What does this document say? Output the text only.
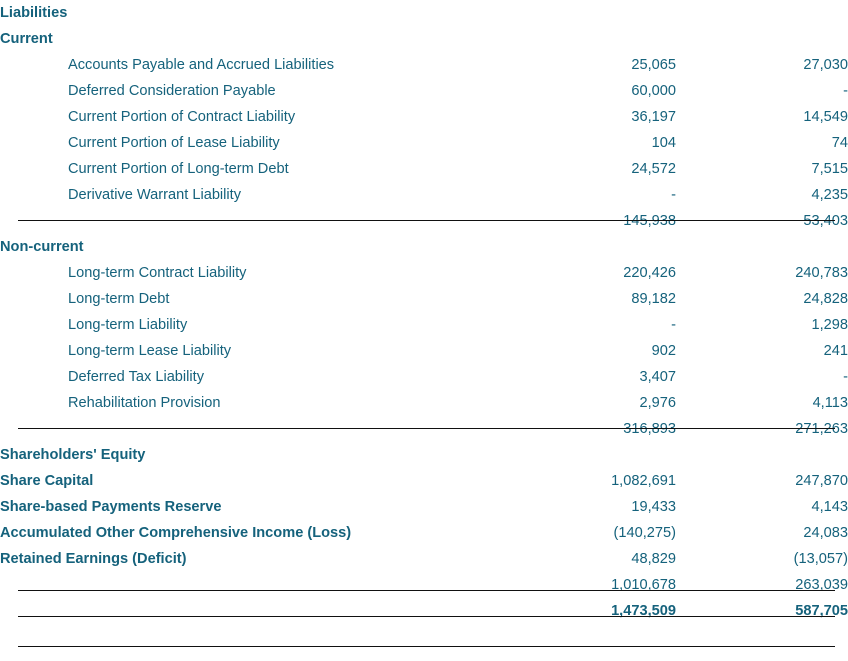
Liabilities		
Current		
Accounts Payable and Accrued Liabilities	25,065	27,030
Deferred Consideration Payable	60,000	-
Current Portion of Contract Liability	36,197	14,549
Current Portion of Lease Liability	104	74
Current Portion of Long-term Debt	24,572	7,515
Derivative Warrant Liability	-	4,235
	145,938	53,403
Non-current		
Long-term Contract Liability	220,426	240,783
Long-term Debt	89,182	24,828
Long-term Liability	-	1,298
Long-term Lease Liability	902	241
Deferred Tax Liability	3,407	-
Rehabilitation Provision	2,976	4,113
	316,893	271,263
Shareholders' Equity		
Share Capital	1,082,691	247,870
Share-based Payments Reserve	19,433	4,143
Accumulated Other Comprehensive Income (Loss)	(140,275)	24,083
Retained Earnings (Deficit)	48,829	(13,057)
	1,010,678	263,039
	1,473,509	587,705
